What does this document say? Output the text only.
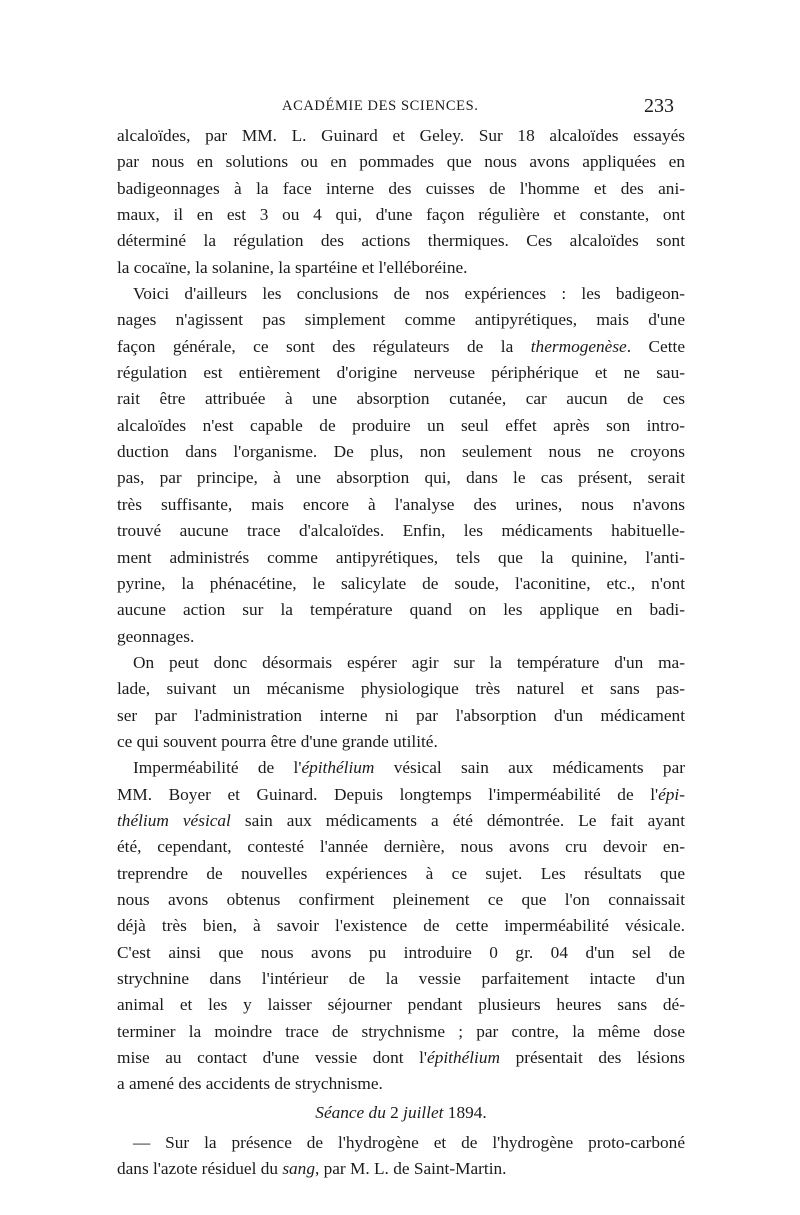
ACADÉMIE DES SCIENCES.	233
alcaloïdes, par MM. L. Guinard et Geley. Sur 18 alcaloïdes essayés
par nous en solutions ou en pommades que nous avons appliquées en
badigeonnages à la face interne des cuisses de l'homme et des ani-
maux, il en est 3 ou 4 qui, d'une façon régulière et constante, ont
déterminé la régulation des actions thermiques. Ces alcaloïdes sont
la cocaïne, la solanine, la spartéine et l'elléboréine.
Voici d'ailleurs les conclusions de nos expériences : les badigeon-
nages n'agissent pas simplement comme antipyrétiques, mais d'une
façon générale, ce sont des régulateurs de la thermogenèse. Cette
régulation est entièrement d'origine nerveuse périphérique et ne sau-
rait être attribuée à une absorption cutanée, car aucun de ces
alcaloïdes n'est capable de produire un seul effet après son intro-
duction dans l'organisme. De plus, non seulement nous ne croyons
pas, par principe, à une absorption qui, dans le cas présent, serait
très suffisante, mais encore à l'analyse des urines, nous n'avons
trouvé aucune trace d'alcaloïdes. Enfin, les médicaments habituelle-
ment administrés comme antipyrétiques, tels que la quinine, l'anti-
pyrine, la phénacétine, le salicylate de soude, l'aconitine, etc., n'ont
aucune action sur la température quand on les applique en badi-
geonnages.
On peut donc désormais espérer agir sur la température d'un ma-
lade, suivant un mécanisme physiologique très naturel et sans pas-
ser par l'administration interne ni par l'absorption d'un médicament
ce qui souvent pourra être d'une grande utilité.
Imperméabilité de l'épithélium vésical sain aux médicaments par
MM. Boyer et Guinard. Depuis longtemps l'imperméabilité de l'épi-
thélium vésical sain aux médicaments a été démontrée. Le fait ayant
été, cependant, contesté l'année dernière, nous avons cru devoir en-
treprendre de nouvelles expériences à ce sujet. Les résultats que
nous avons obtenus confirment pleinement ce que l'on connaissait
déjà très bien, à savoir l'existence de cette imperméabilité vésicale.
C'est ainsi que nous avons pu introduire 0 gr. 04 d'un sel de
strychnine dans l'intérieur de la vessie parfaitement intacte d'un
animal et les y laisser séjourner pendant plusieurs heures sans dé-
terminer la moindre trace de strychnisme ; par contre, la même dose
mise au contact d'une vessie dont l'épithélium présentait des lésions
a amené des accidents de strychnisme.
Séance du 2 juillet 1894.
— Sur la présence de l'hydrogène et de l'hydrogène proto-carboné
dans l'azote résiduel du sang, par M. L. de Saint-Martin.
